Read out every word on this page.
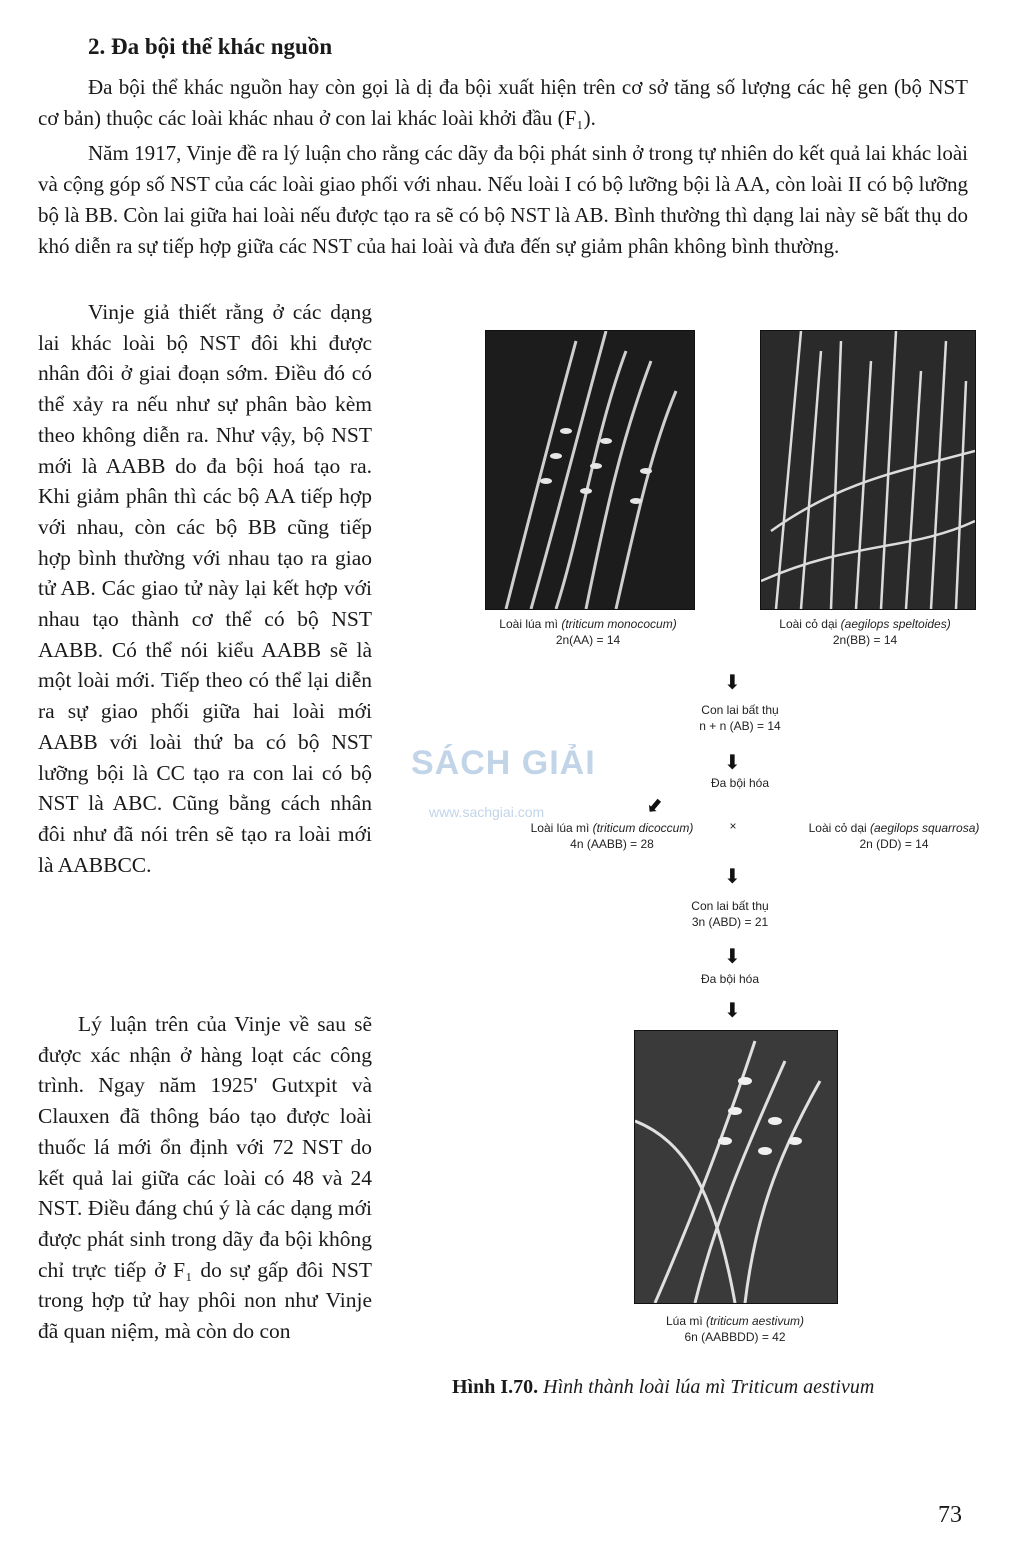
2. Đa bội thể khác nguồn

Đa bội thể khác nguồn hay còn gọi là dị đa bội xuất hiện trên cơ sở tăng số lượng các hệ gen (bộ NST cơ bản) thuộc các loài khác nhau ở con lai khác loài khởi đầu (F₁).

Năm 1917, Vinje đề ra lý luận cho rằng các dãy đa bội phát sinh ở trong tự nhiên do kết quả lai khác loài và cộng góp số NST của các loài giao phối với nhau. Nếu loài I có bộ lưỡng bội là AA, còn loài II có bộ lưỡng bộ là BB. Còn lai giữa hai loài nếu được tạo ra sẽ có bộ NST là AB. Bình thường thì dạng lai này sẽ bất thụ do khó diễn ra sự tiếp hợp giữa các NST của hai loài và đưa đến sự giảm phân không bình thường.

Vinje giả thiết rằng ở các dạng lai khác loài bộ NST đôi khi được nhân đôi ở giai đoạn sớm. Điều đó có thể xảy ra nếu như sự phân bào kèm theo không diễn ra. Như vậy, bộ NST mới là AABB do đa bội hoá tạo ra. Khi giảm phân thì các bộ AA tiếp hợp với nhau, còn các bộ BB cũng tiếp hợp bình thường với nhau tạo ra giao tử AB. Các giao tử này lại kết hợp với nhau tạo thành cơ thể có bộ NST AABB. Có thể nói kiểu AABB sẽ là một loài mới. Tiếp theo có thể lại diễn ra sự giao phối giữa hai loài mới AABB với loài thứ ba có bộ NST lưỡng bội là CC tạo ra con lai có bộ NST là ABC. Cũng bằng cách nhân đôi như đã nói trên sẽ tạo ra loài mới là AABBCC.

Lý luận trên của Vinje về sau sẽ được xác nhận ở hàng loạt các công trình. Ngay năm 1925' Gutxpit và Clauxen đã thông báo tạo được loài thuốc lá mới ổn định với 72 NST do kết quả lai giữa các loài có 48 và 24 NST. Điều đáng chú ý là các dạng mới được phát sinh trong dãy đa bội không chỉ trực tiếp ở F₁ do sự gấp đôi NST trong hợp tử hay phôi non như Vinje đã quan niệm, mà còn do con

Loài lúa mì (triticum monococum)
2n(AA) = 14
Loài cỏ dại (aegilops speltoides)
2n(BB) = 14
⬇
Con lai bất thụ
n + n (AB) = 14
⬇
Đa bội hóa
⬇
Loài lúa mì (triticum dicoccum)
4n (AABB) = 28
×	Loài cỏ dại (aegilops squarrosa)
2n (DD) = 14
⬇
Con lai bất thụ
3n (ABD) = 21
⬇
Đa bội hóa
⬇
Lúa mì (triticum aestivum)
6n (AABBDD) = 42
Hình I.70. Hình thành loài lúa mì Triticum aestivum
SÁCH GIẢI
www.sachgiai.com
73
